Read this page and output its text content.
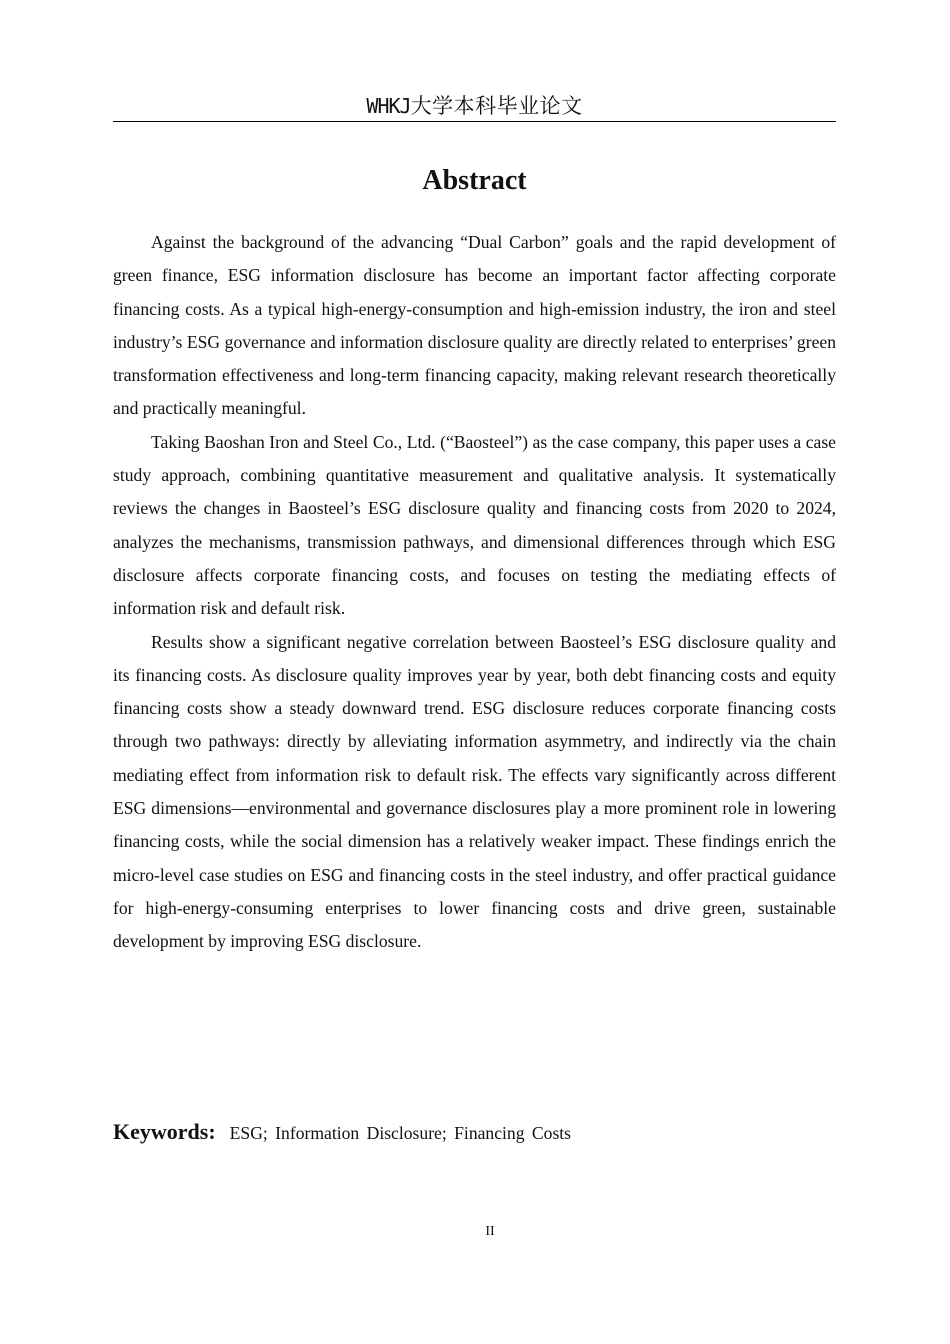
WHKJ大学本科毕业论文
Abstract

Against the background of the advancing “Dual Carbon” goals and the rapid development of green finance, ESG information disclosure has become an important factor affecting corporate financing costs. As a typical high-energy-consumption and high-emission industry, the iron and steel industry’s ESG governance and information disclosure quality are directly related to enterprises’ green transformation effectiveness and long-term financing capacity, making relevant research theoretically and practically meaningful.

Taking Baoshan Iron and Steel Co., Ltd. (“Baosteel”) as the case company, this paper uses a case study approach, combining quantitative measurement and qualitative analysis. It systematically reviews the changes in Baosteel’s ESG disclosure quality and financing costs from 2020 to 2024, analyzes the mechanisms, transmission pathways, and dimensional differences through which ESG disclosure affects corporate financing costs, and focuses on testing the mediating effects of information risk and default risk.

Results show a significant negative correlation between Baosteel’s ESG disclosure quality and its financing costs. As disclosure quality improves year by year, both debt financing costs and equity financing costs show a steady downward trend. ESG disclosure reduces corporate financing costs through two pathways: directly by alleviating information asymmetry, and indirectly via the chain mediating effect from information risk to default risk. The effects vary significantly across different ESG dimensions—environmental and governance disclosures play a more prominent role in lowering financing costs, while the social dimension has a relatively weaker impact. These findings enrich the micro-level case studies on ESG and financing costs in the steel industry, and offer practical guidance for high-energy-consuming enterprises to lower financing costs and drive green, sustainable development by improving ESG disclosure.

Keywords: ESG; Information Disclosure; Financing Costs
II
